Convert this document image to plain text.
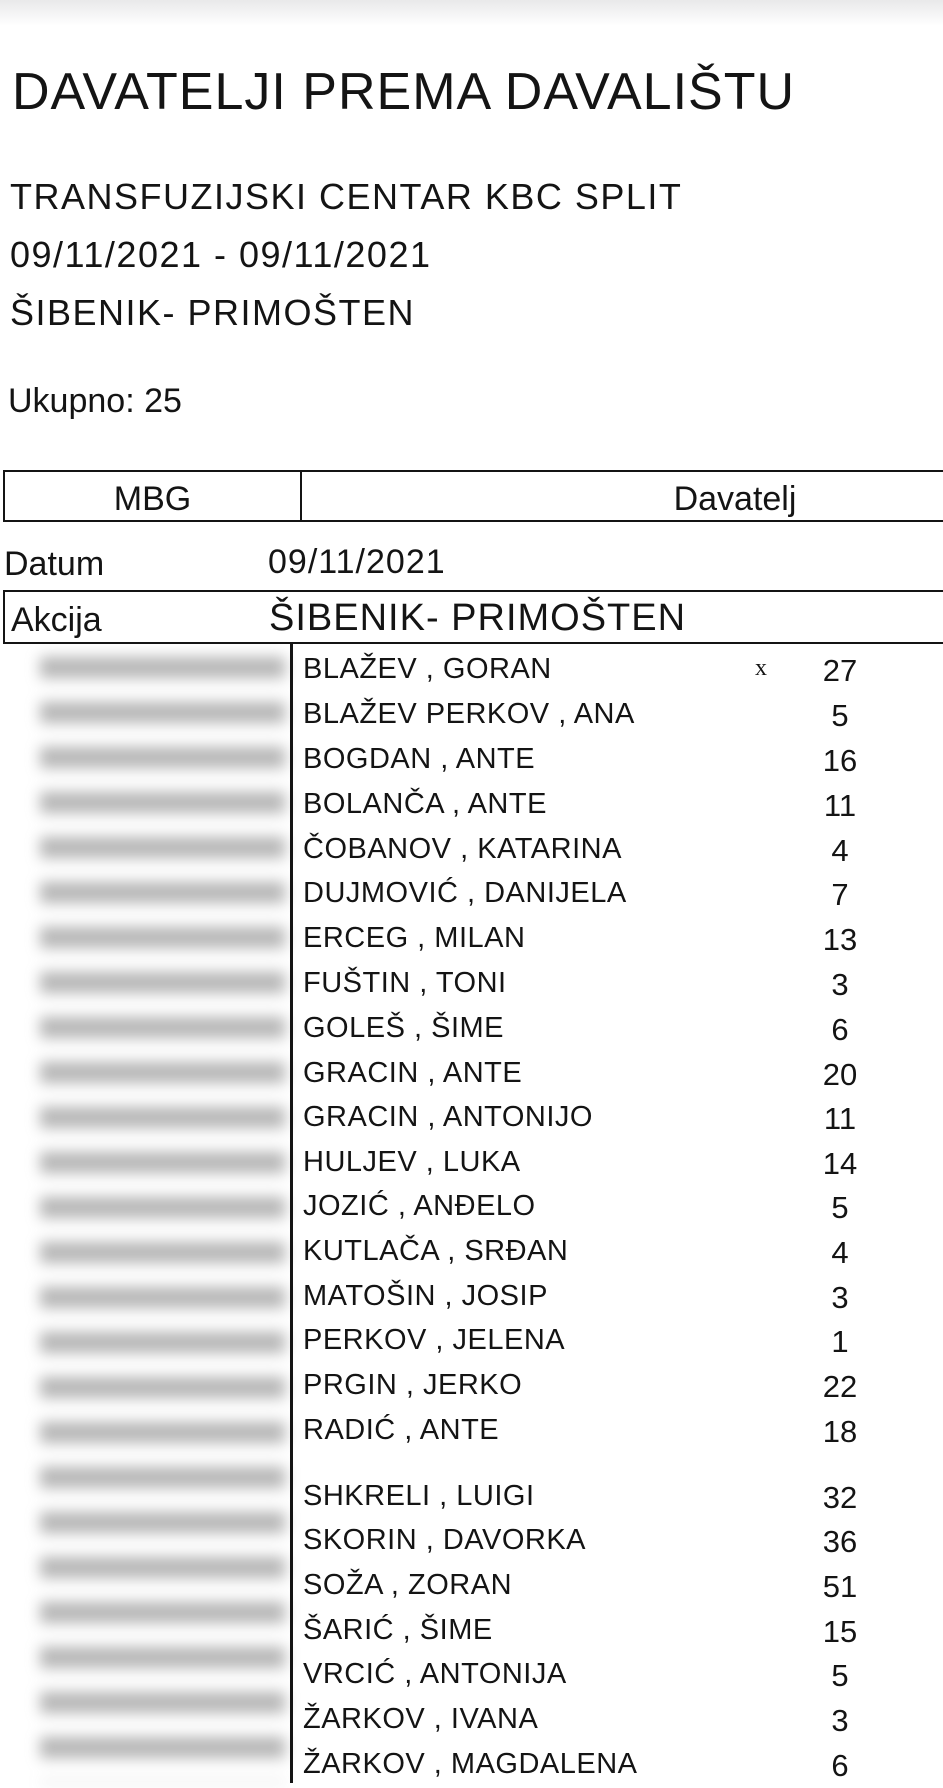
DAVATELJI PREMA DAVALIŠTU
TRANSFUZIJSKI CENTAR KBC SPLIT
09/11/2021 - 09/11/2021
ŠIBENIK- PRIMOŠTEN
Ukupno: 25
MBG	Davatelj
Datum	09/11/2021
Akcija	ŠIBENIK- PRIMOŠTEN
BLAŽEV , GORAN	x	27
BLAŽEV PERKOV , ANA	5
BOGDAN , ANTE	16
BOLANČA , ANTE	11
ČOBANOV , KATARINA	4
DUJMOVIĆ , DANIJELA	7
ERCEG , MILAN	13
FUŠTIN , TONI	3
GOLEŠ , ŠIME	6
GRACIN , ANTE	20
GRACIN , ANTONIJO	11
HULJEV , LUKA	14
JOZIĆ , ANĐELO	5
KUTLAČA , SRĐAN	4
MATOŠIN , JOSIP	3
PERKOV , JELENA	1
PRGIN , JERKO	22
RADIĆ , ANTE	18
SHKRELI , LUIGI	32
SKORIN , DAVORKA	36
SOŽA , ZORAN	51
ŠARIĆ , ŠIME	15
VRCIĆ , ANTONIJA	5
ŽARKOV , IVANA	3
ŽARKOV , MAGDALENA	6
